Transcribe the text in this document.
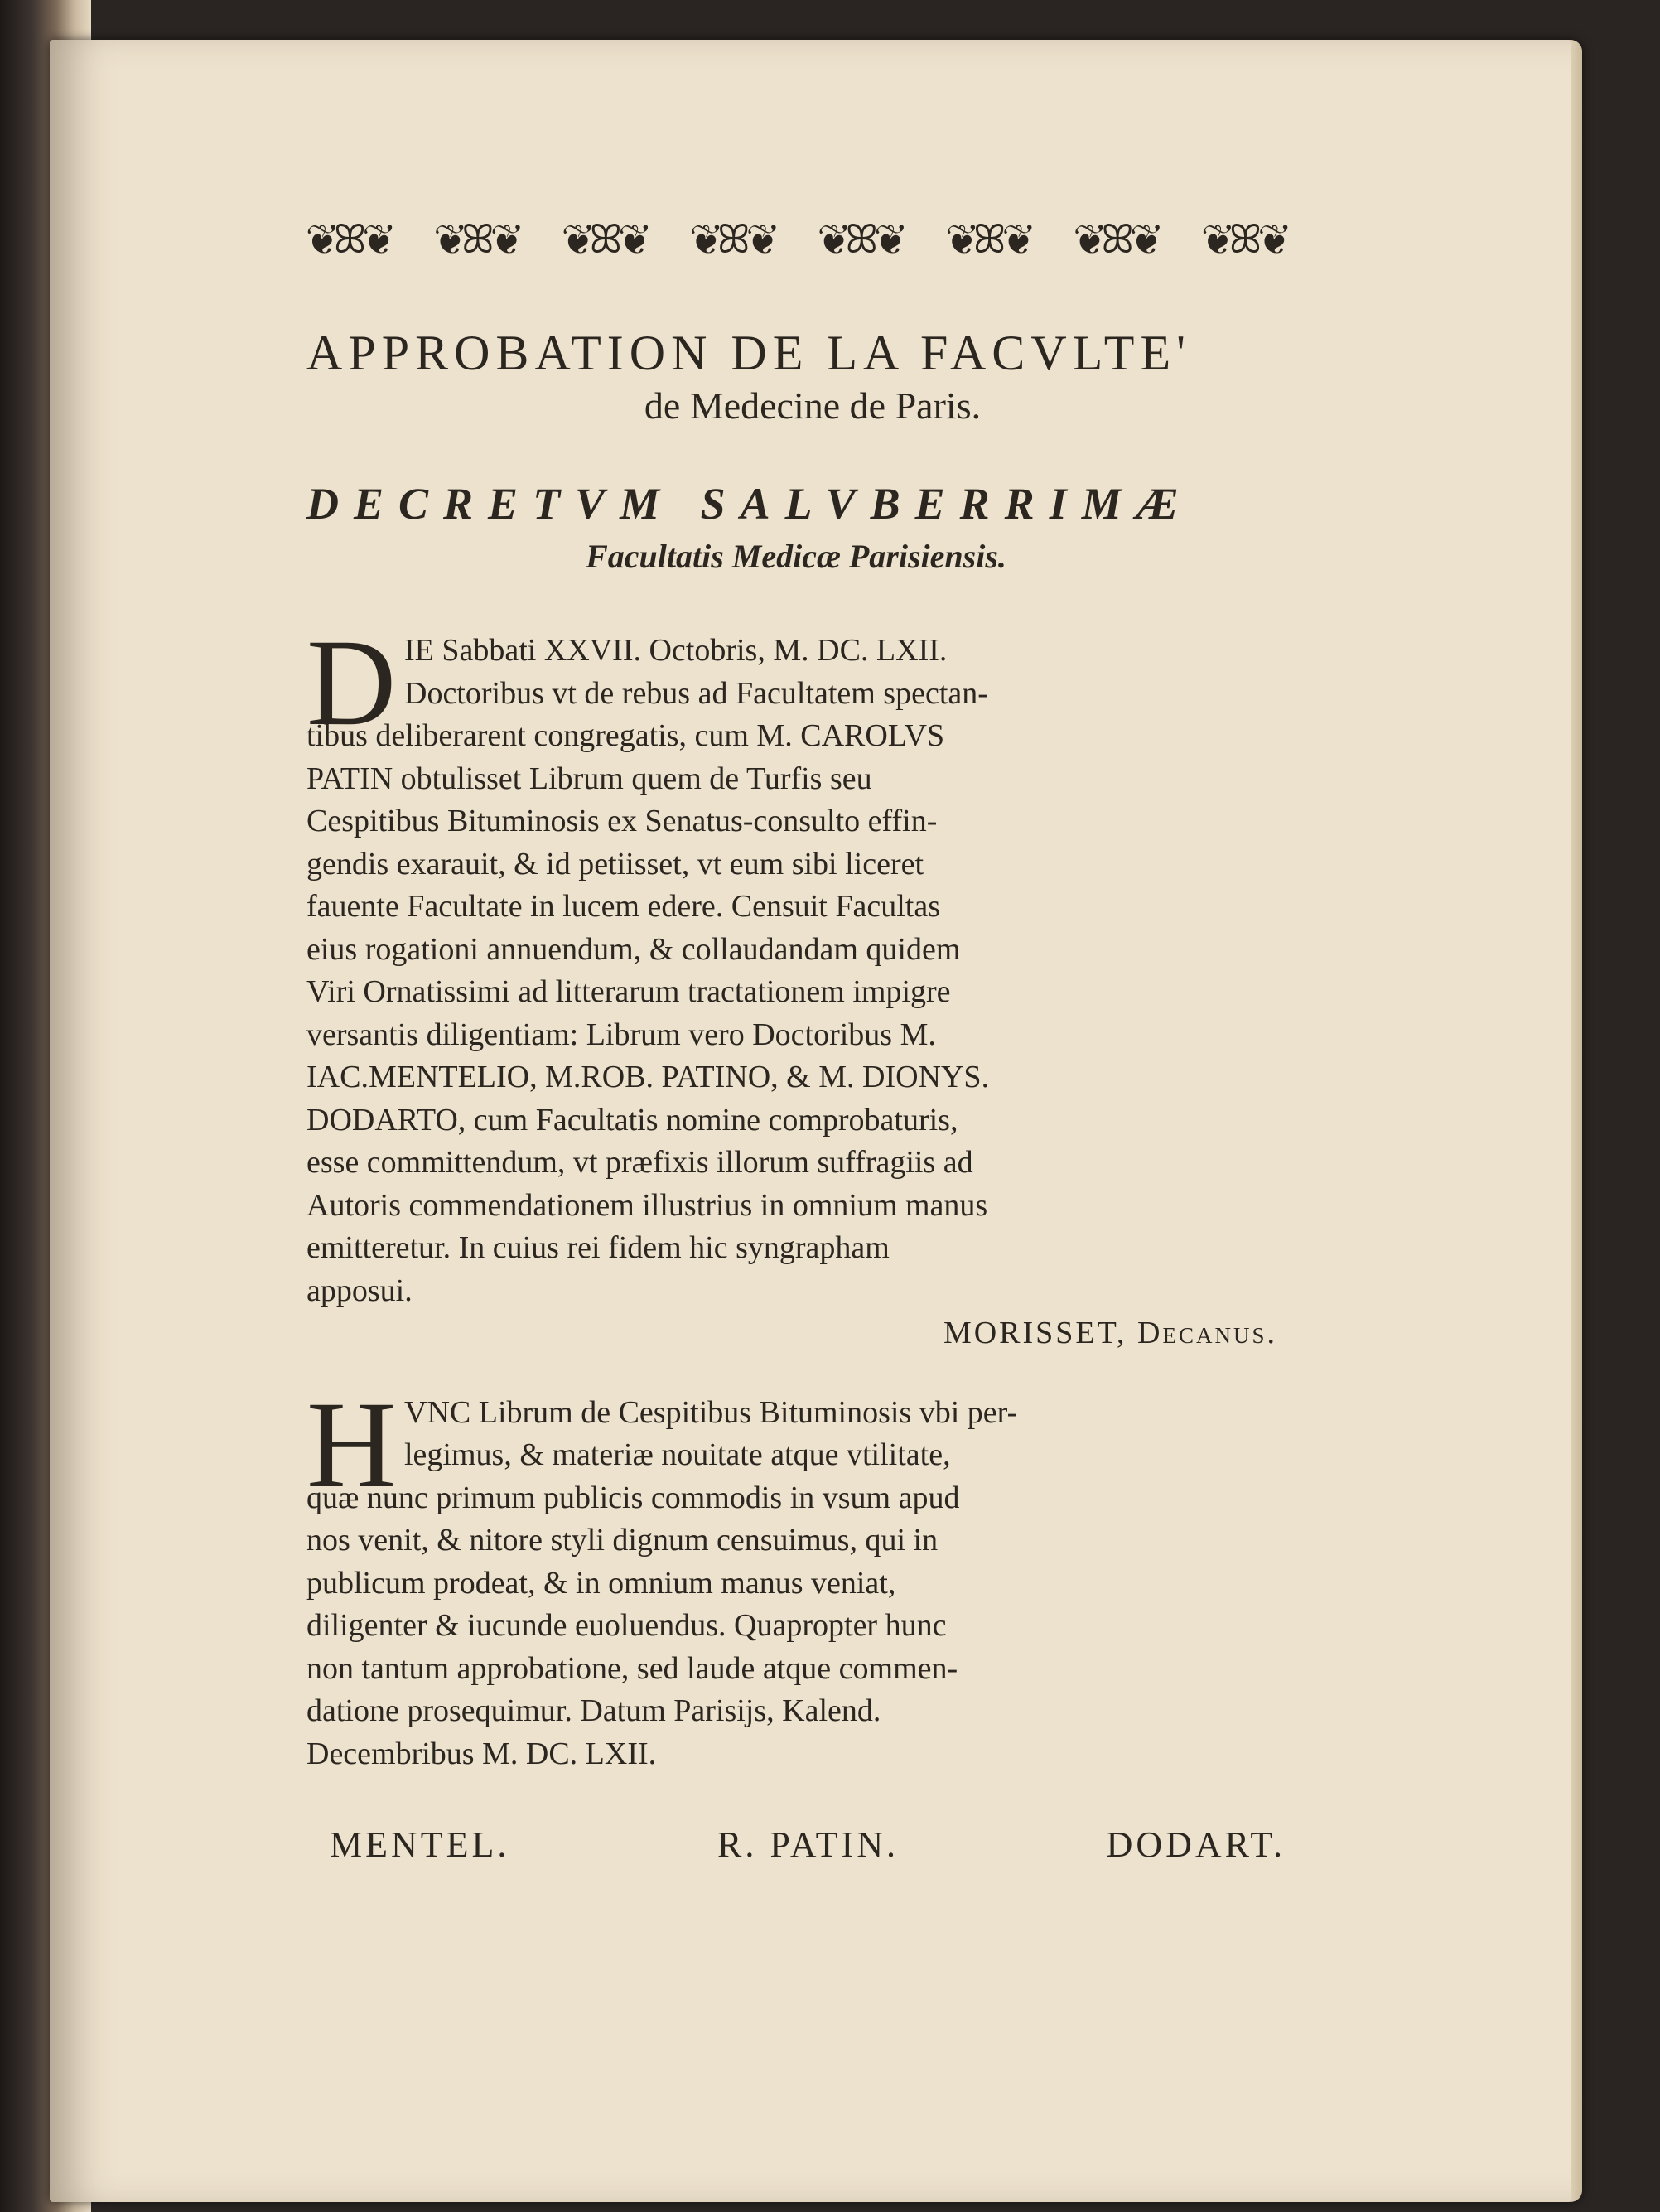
❦ꕤ❦ ❦ꕤ❦ ❦ꕤ❦ ❦ꕤ❦ ❦ꕤ❦ ❦ꕤ❦ ❦ꕤ❦ ❦ꕤ❦
APPROBATION DE LA FACVLTE'
de Medecine de Paris.
DECRETVM SALVBERRIMÆ
Facultatis Medicæ Parisiensis.
D IE Sabbati XXVII. Octobris, M. DC. LXII.
Doctoribus vt de rebus ad Facultatem spectan-
tibus deliberarent congregatis, cum M. CAROLVS
PATIN obtulisset Librum quem de Turfis seu
Cespitibus Bituminosis ex Senatus-consulto effin-
gendis exarauit, & id petiisset, vt eum sibi liceret
fauente Facultate in lucem edere. Censuit Facultas
eius rogationi annuendum, & collaudandam quidem
Viri Ornatissimi ad litterarum tractationem impigre
versantis diligentiam: Librum vero Doctoribus M.
IAC.MENTELIO, M.ROB. PATINO, & M. DIONYS.
DODARTO, cum Facultatis nomine comprobaturis,
esse committendum, vt præfixis illorum suffragiis ad
Autoris commendationem illustrius in omnium manus
emitteretur. In cuius rei fidem hic syngrapham
apposui.
MORISSET, Decanus.
H VNC Librum de Cespitibus Bituminosis vbi per-
legimus, & materiæ nouitate atque vtilitate,
quæ nunc primum publicis commodis in vsum apud
nos venit, & nitore styli dignum censuimus, qui in
publicum prodeat, & in omnium manus veniat,
diligenter & iucunde euoluendus. Quapropter hunc
non tantum approbatione, sed laude atque commen-
datione prosequimur. Datum Parisijs, Kalend.
Decembribus M. DC. LXII.
MENTEL.	R. PATIN.	DODART.
